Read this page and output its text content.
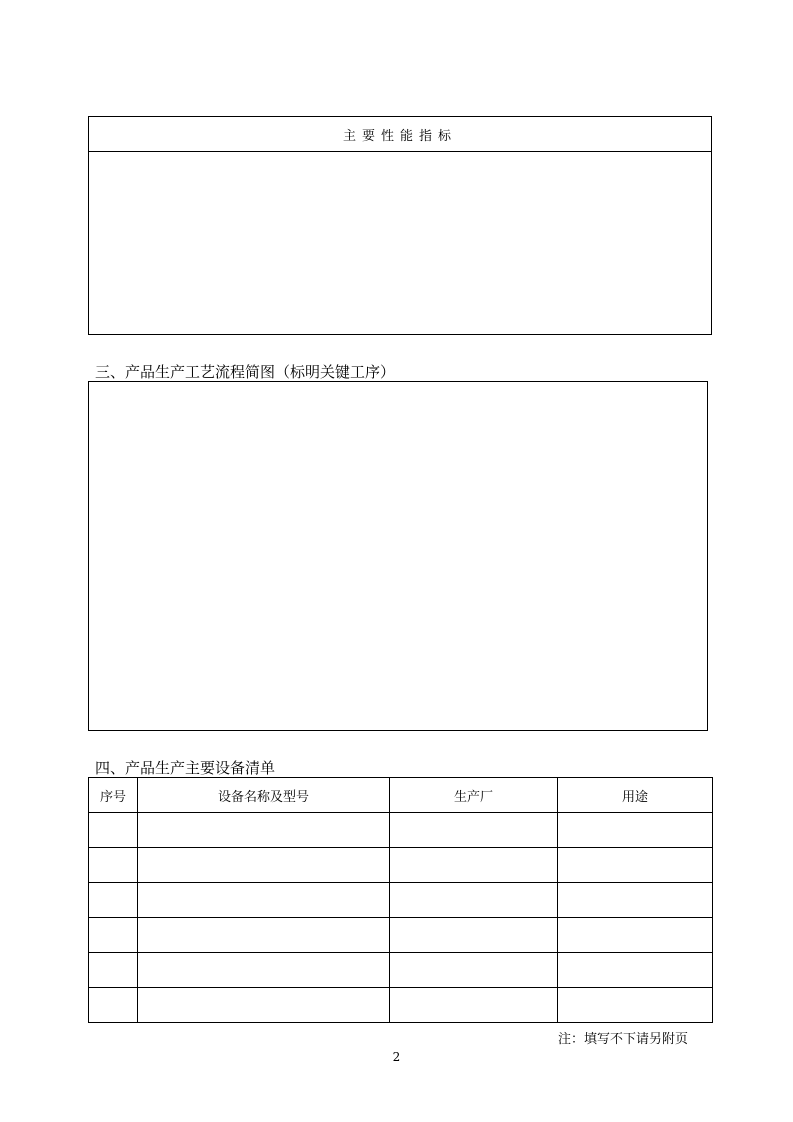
主要性能指标
三、产品生产工艺流程简图（标明关键工序）
四、产品生产主要设备清单
序号	设备名称及型号	生产厂	用途

注：填写不下请另附页
2
